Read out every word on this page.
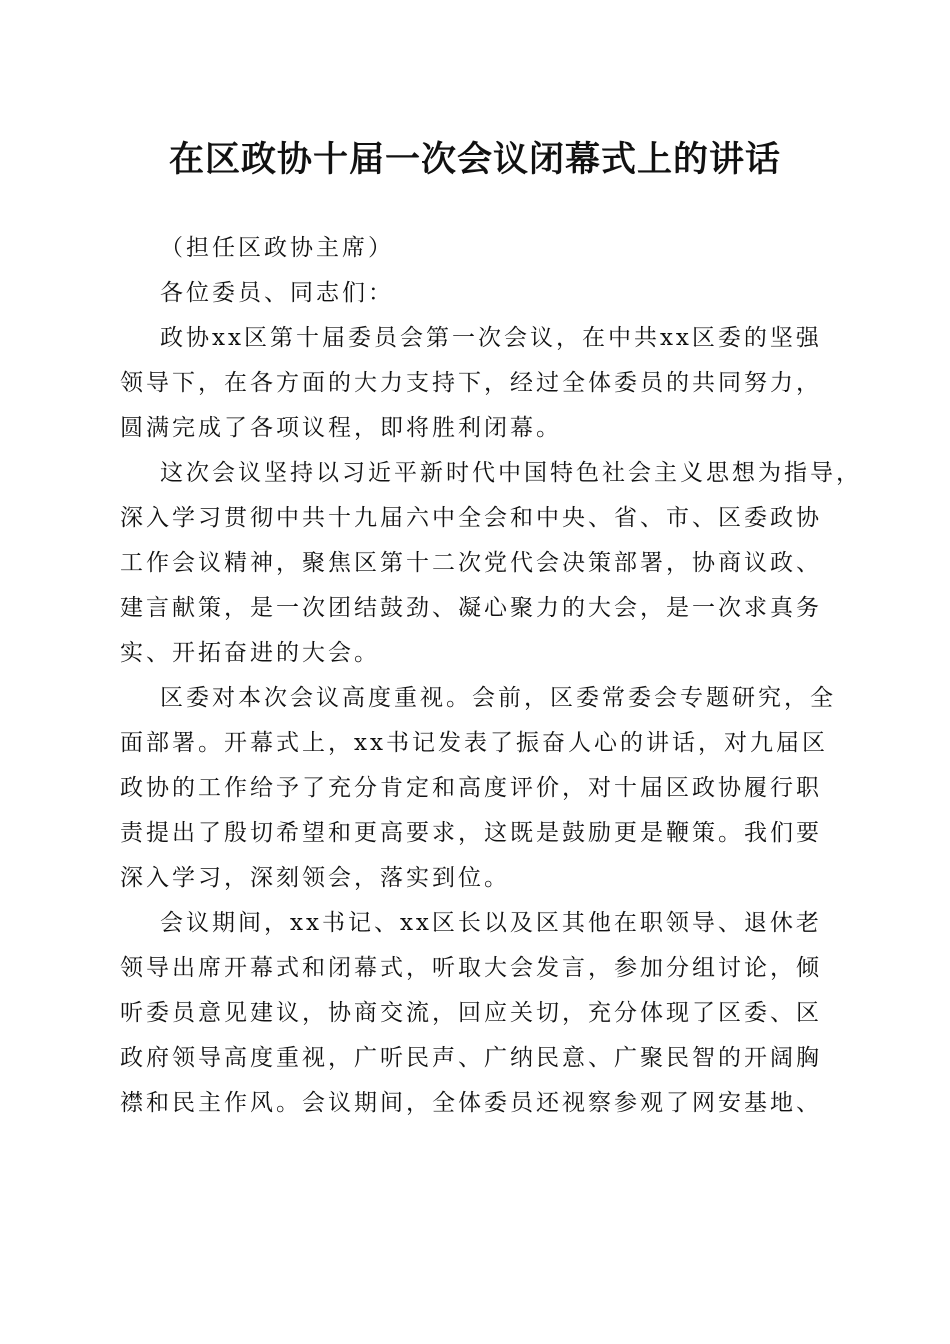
在区政协十届一次会议闭幕式上的讲话
（担任区政协主席）
各位委员、同志们：
政协xx区第十届委员会第一次会议，在中共xx区委的坚强
领导下，在各方面的大力支持下，经过全体委员的共同努力，
圆满完成了各项议程，即将胜利闭幕。
这次会议坚持以习近平新时代中国特色社会主义思想为指导，
深入学习贯彻中共十九届六中全会和中央、省、市、区委政协
工作会议精神，聚焦区第十二次党代会决策部署，协商议政、
建言献策，是一次团结鼓劲、凝心聚力的大会，是一次求真务
实、开拓奋进的大会。
区委对本次会议高度重视。会前，区委常委会专题研究，全
面部署。开幕式上，xx书记发表了振奋人心的讲话，对九届区
政协的工作给予了充分肯定和高度评价，对十届区政协履行职
责提出了殷切希望和更高要求，这既是鼓励更是鞭策。我们要
深入学习，深刻领会，落实到位。
会议期间，xx书记、xx区长以及区其他在职领导、退休老
领导出席开幕式和闭幕式，听取大会发言，参加分组讨论，倾
听委员意见建议，协商交流，回应关切，充分体现了区委、区
政府领导高度重视，广听民声、广纳民意、广聚民智的开阔胸
襟和民主作风。会议期间，全体委员还视察参观了网安基地、
